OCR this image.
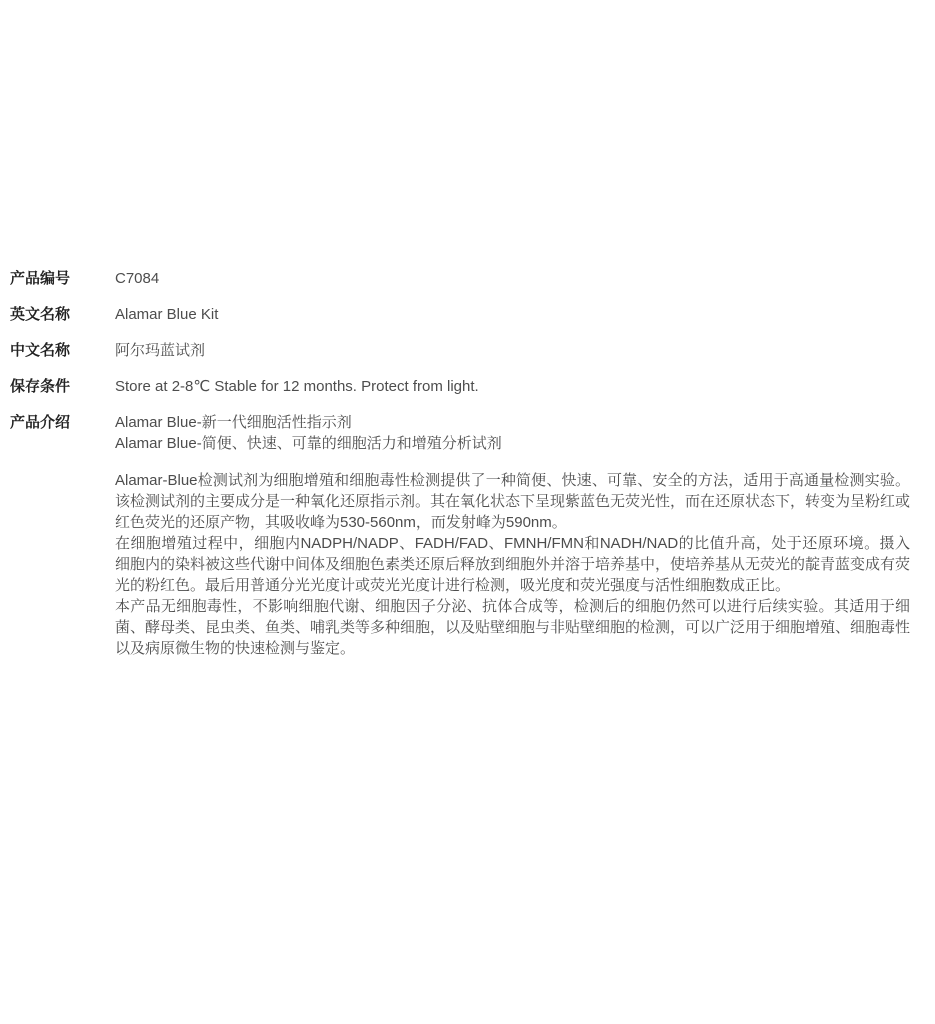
产品编号	C7084
英文名称	Alamar Blue Kit
中文名称	阿尔玛蓝试剂
保存条件	Store at 2-8℃ Stable for 12 months. Protect from light.
产品介绍	Alamar Blue-新一代细胞活性指示剂
Alamar Blue-简便、快速、可靠的细胞活力和增殖分析试剂

Alamar-Blue检测试剂为细胞增殖和细胞毒性检测提供了一种简便、快速、可靠、安全的方法，适用于高通量检测实验。该检测试剂的主要成分是一种氧化还原指示剂。其在氧化状态下呈现紫蓝色无荧光性，而在还原状态下，转变为呈粉红或红色荧光的还原产物，其吸收峰为530-560nm，而发射峰为590nm。

在细胞增殖过程中，细胞内NADPH/NADP、FADH/FAD、FMNH/FMN和NADH/NAD的比值升高，处于还原环境。摄入细胞内的染料被这些代谢中间体及细胞色素类还原后释放到细胞外并溶于培养基中，使培养基从无荧光的靛青蓝变成有荧光的粉红色。最后用普通分光光度计或荧光光度计进行检测，吸光度和荧光强度与活性细胞数成正比。

本产品无细胞毒性，不影响细胞代谢、细胞因子分泌、抗体合成等，检测后的细胞仍然可以进行后续实验。其适用于细菌、酵母类、昆虫类、鱼类、哺乳类等多种细胞，以及贴壁细胞与非贴壁细胞的检测，可以广泛用于细胞增殖、细胞毒性以及病原微生物的快速检测与鉴定。
